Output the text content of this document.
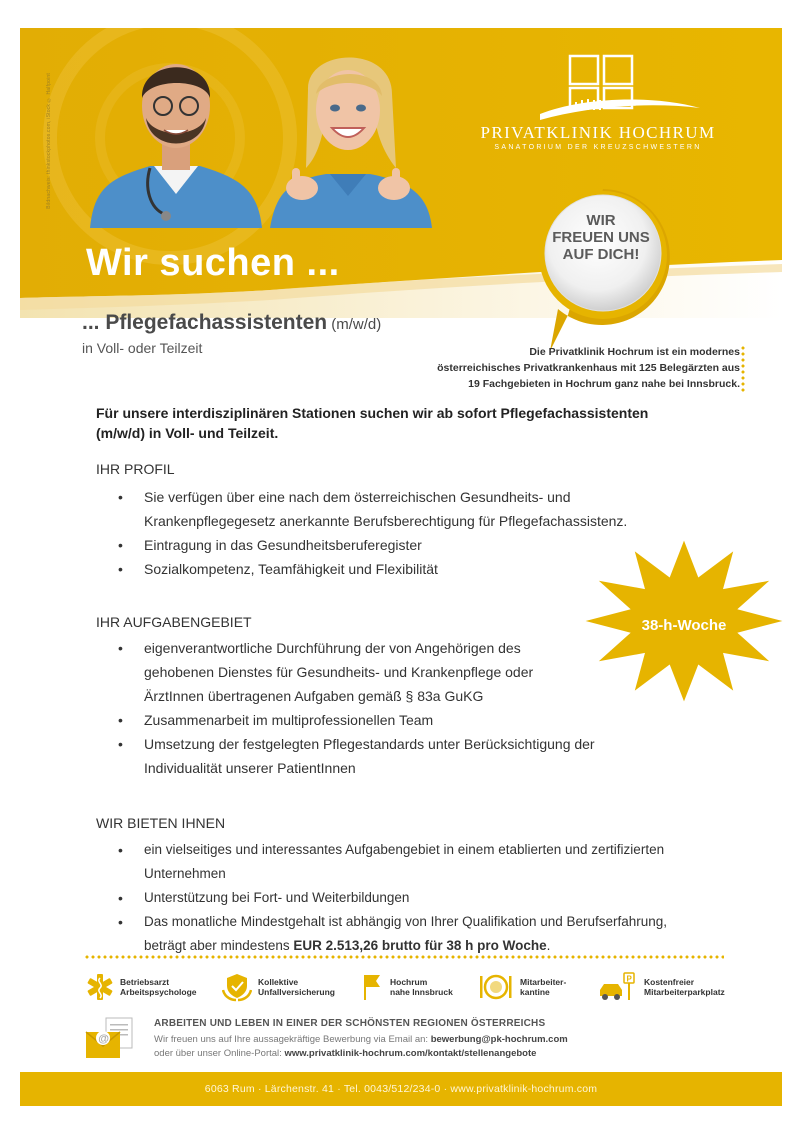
Bildnachweis: thinkstockphotos.com, iStock © Halfpoint	PRIVATKLINIK HOCHRUM
SANATORIUM DER KREUZSCHWESTERN
Wir suchen ...
WIR
FREUEN UNS
AUF DICH!
... Pflegefachassistenten (m/w/d)
in Voll- oder Teilzeit	Die Privatklinik Hochrum ist ein modernes
österreichisches Privatkrankenhaus mit 125 Belegärzten aus
19 Fachgebieten in Hochrum ganz nahe bei Innsbruck.
Für unsere interdisziplinären Stationen suchen wir ab sofort Pflegefachassistenten (m/w/d) in Voll- und Teilzeit.
IHR PROFIL
• Sie verfügen über eine nach dem österreichischen Gesundheits- und
Krankenpflegegesetz anerkannte Berufsberechtigung für Pflegefachassistenz.
• Eintragung in das Gesundheitsberuferegister
• Sozialkompetenz, Teamfähigkeit und Flexibilität
IHR AUFGABENGEBIET
• eigenverantwortliche Durchführung der von Angehörigen des
gehobenen Dienstes für Gesundheits- und Krankenpflege oder
ÄrztInnen übertragenen Aufgaben gemäß § 83a GuKG
• Zusammenarbeit im multiprofessionellen Team
• Umsetzung der festgelegten Pflegestandards unter Berücksichtigung der
Individualität unserer PatientInnen
38-h-Woche
WIR BIETEN IHNEN
• ein vielseitiges und interessantes Aufgabengebiet in einem etablierten und zertifizierten
Unternehmen
• Unterstützung bei Fort- und Weiterbildungen
• Das monatliche Mindestgehalt ist abhängig von Ihrer Qualifikation und Berufserfahrung,
beträgt aber mindestens EUR 2.513,26 brutto für 38 h pro Woche.
Betriebsarzt
Arbeitspsychologe
Kollektive
Unfallversicherung
Hochrum
nahe Innsbruck
Mitarbeiter-
kantine
P Kostenfreier
Mitarbeiterparkplatz
@
ARBEITEN UND LEBEN IN EINER DER SCHÖNSTEN REGIONEN ÖSTERREICHS
Wir freuen uns auf Ihre aussagekräftige Bewerbung via Email an: bewerbung@pk-hochrum.com
oder über unser Online-Portal: www.privatklinik-hochrum.com/kontakt/stellenangebote
6063 Rum · Lärchenstr. 41 · Tel. 0043/512/234-0 · www.privatklinik-hochrum.com
